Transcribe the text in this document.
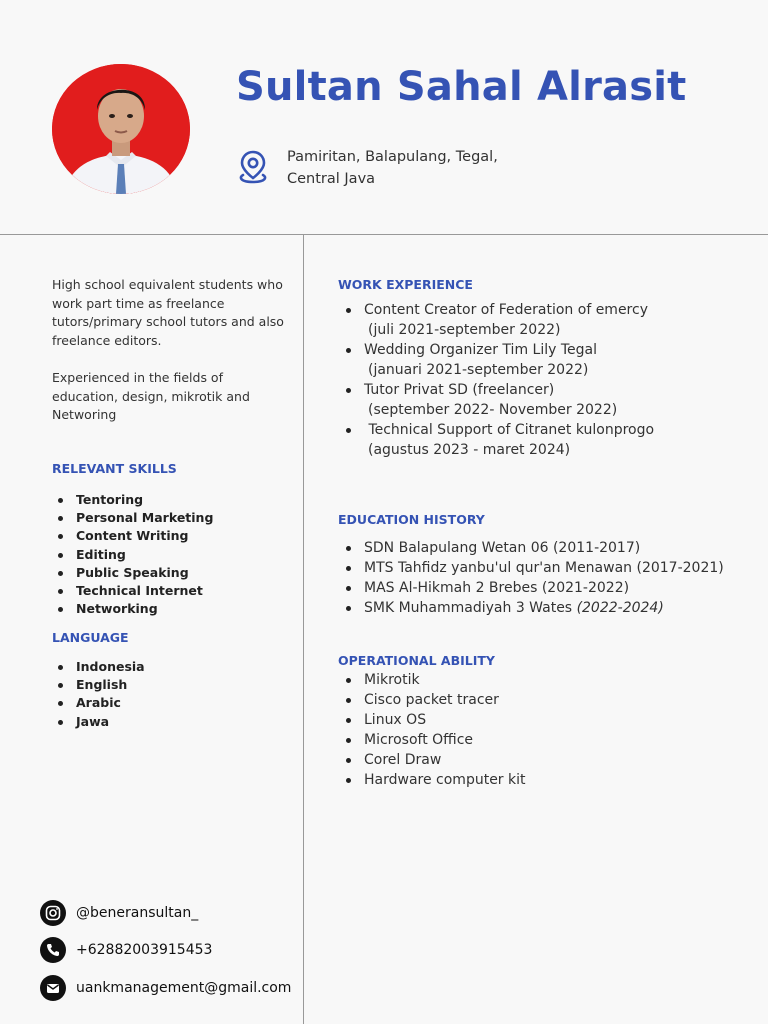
Sultan Sahal Alrasit
Pamiritan, Balapulang, Tegal,
Central Java
High school equivalent students who work part time as freelance tutors/primary school tutors and also freelance editors.
Experienced in the fields of education, design, mikrotik and Networing
RELEVANT SKILLS
Tentoring
Personal Marketing
Content Writing
Editing
Public Speaking
Technical Internet
Networking
LANGUAGE
Indonesia
English
Arabic
Jawa
WORK EXPERIENCE
Content Creator of Federation of emercy
(juli 2021-september 2022)
Wedding Organizer Tim Lily Tegal
(januari 2021-september 2022)
Tutor Privat SD (freelancer)
(september 2022- November 2022)
Technical Support of Citranet kulonprogo
(agustus 2023 - maret 2024)
EDUCATION HISTORY
SDN Balapulang Wetan 06 (2011-2017)
MTS Tahfidz yanbu'ul qur'an Menawan (2017-2021)
MAS Al-Hikmah 2 Brebes (2021-2022)
SMK Muhammadiyah 3 Wates (2022-2024)
OPERATIONAL ABILITY
Mikrotik
Cisco packet tracer
Linux OS
Microsoft Office
Corel Draw
Hardware computer kit
@beneransultan_
+62882003915453
uankmanagement@gmail.com
